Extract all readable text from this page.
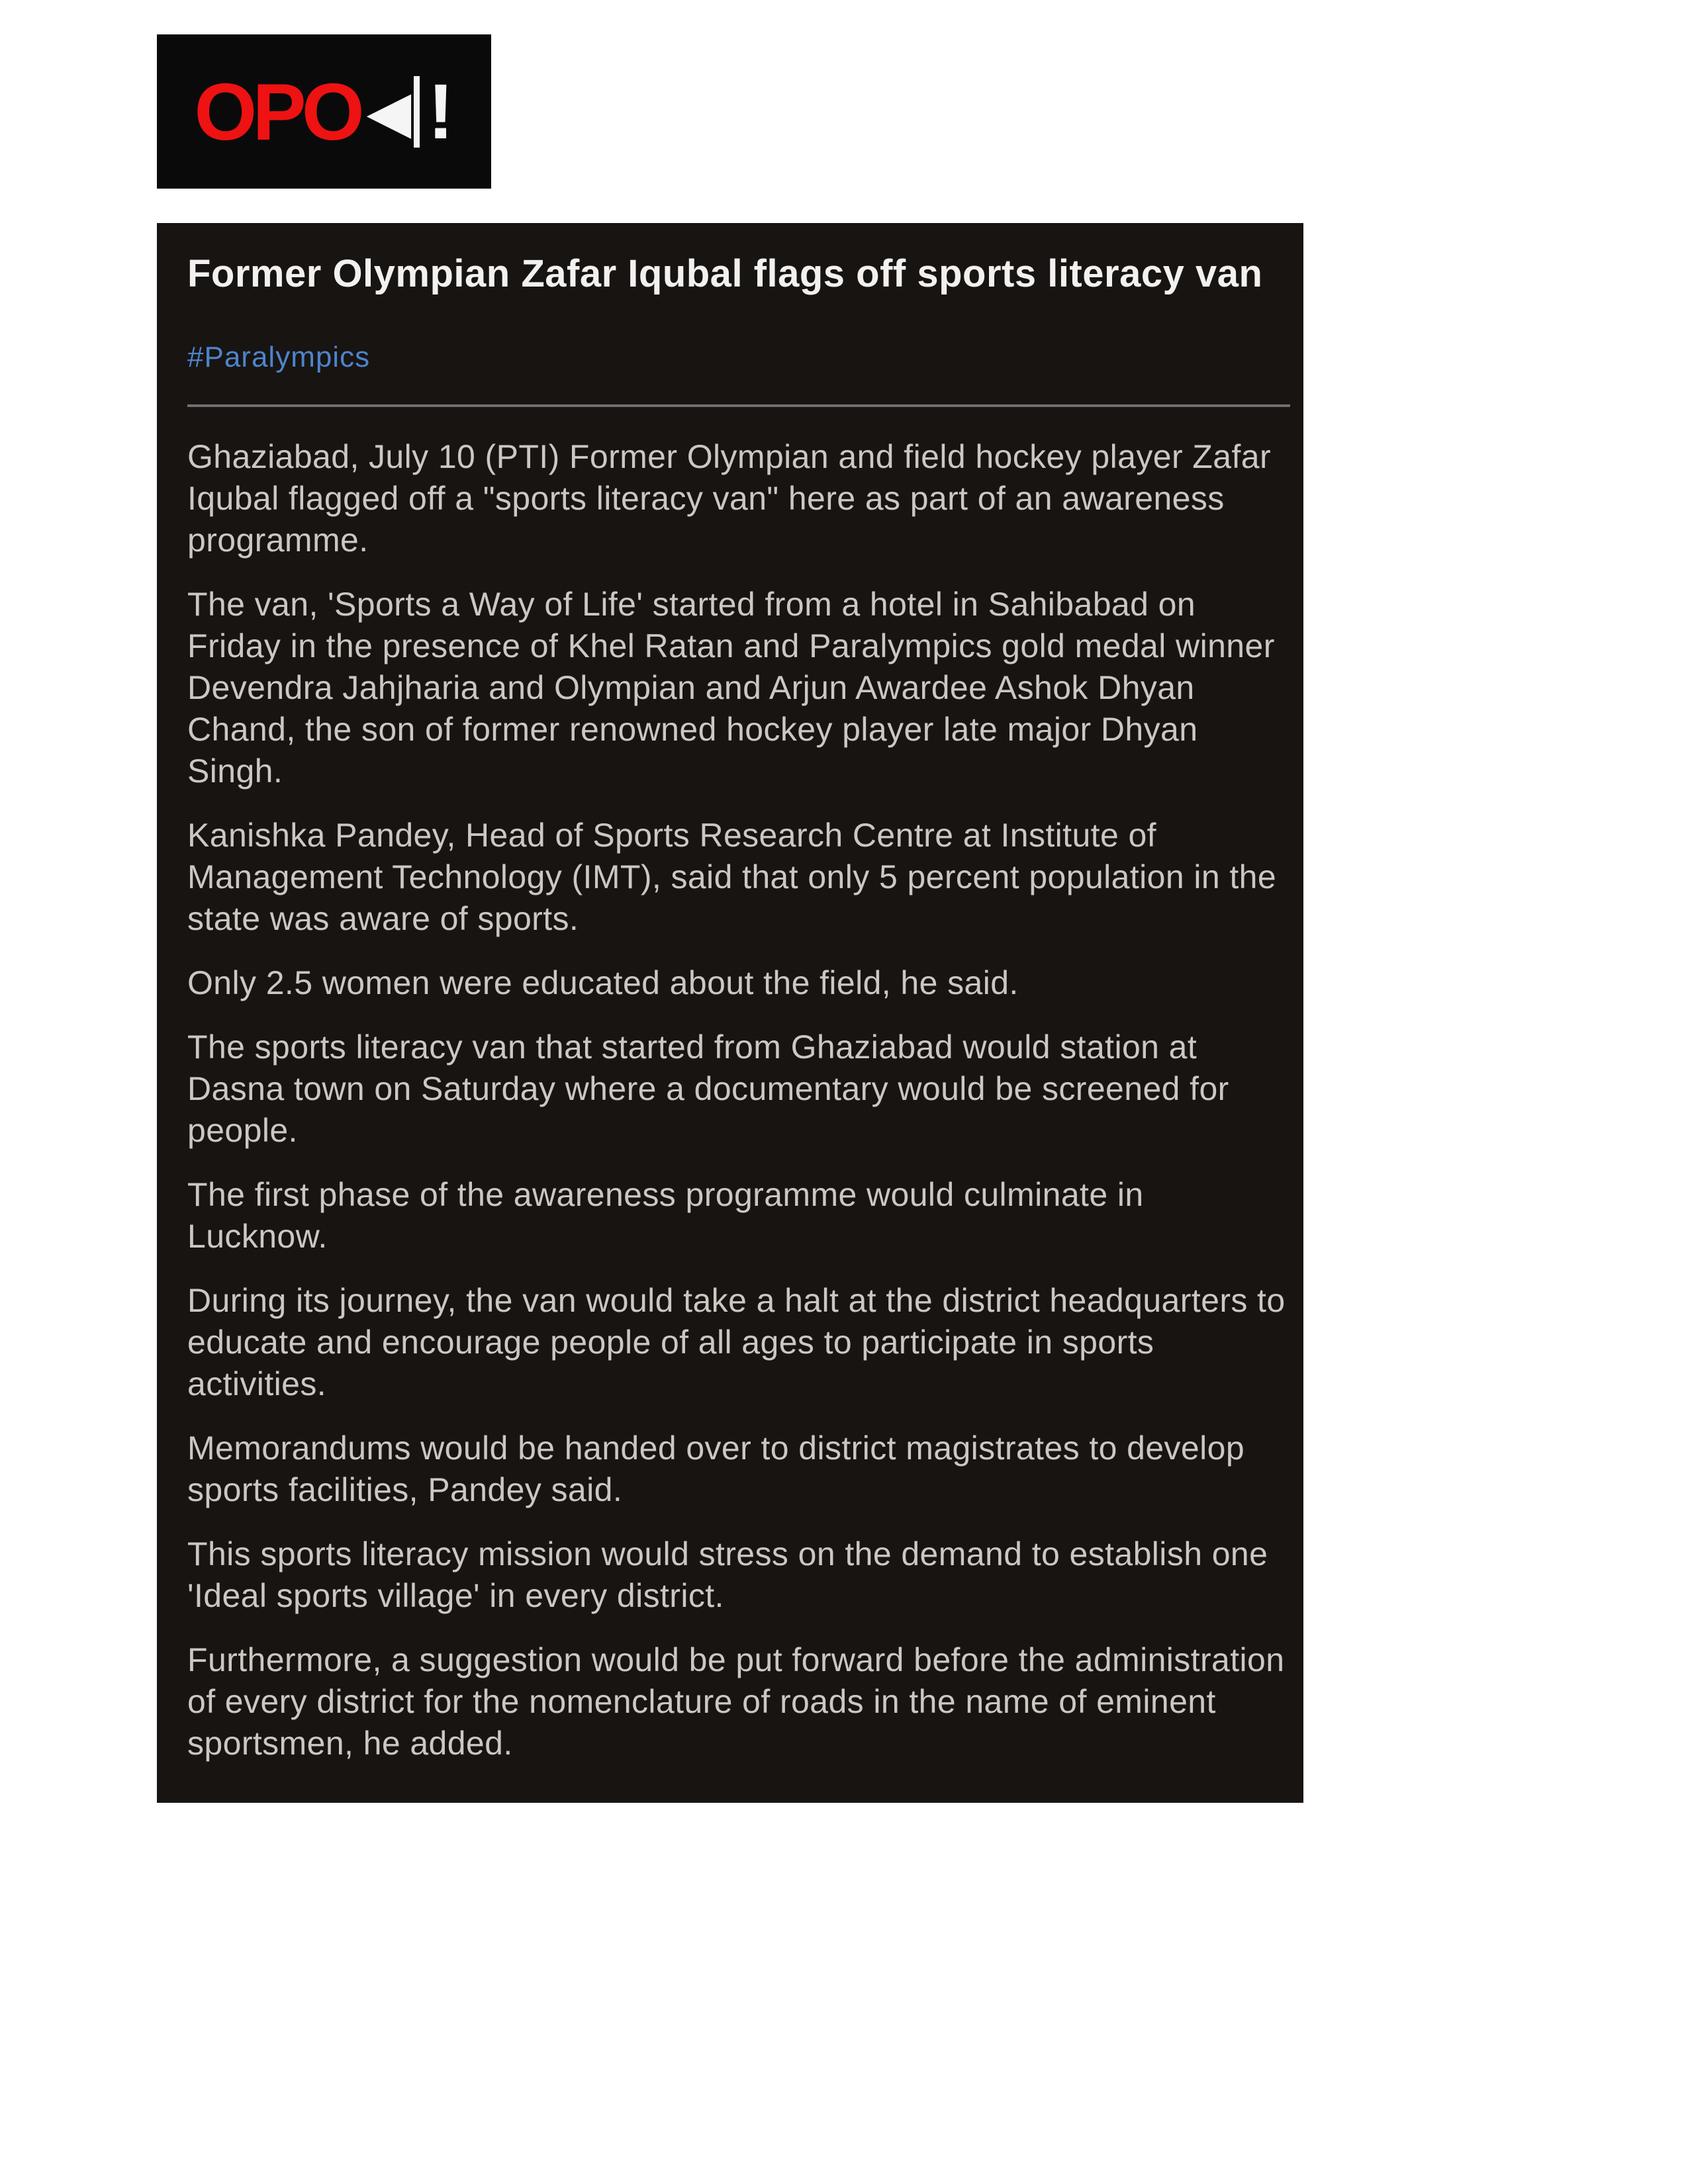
OPO ◀ !
Former Olympian Zafar Iqubal flags off sports literacy van
#Paralympics

Ghaziabad, July 10 (PTI) Former Olympian and field hockey player Zafar Iqubal flagged off a "sports literacy van" here as part of an awareness programme.

The van, 'Sports a Way of Life' started from a hotel in Sahibabad on Friday in the presence of Khel Ratan and Paralympics gold medal winner Devendra Jahjharia and Olympian and Arjun Awardee Ashok Dhyan Chand, the son of former renowned hockey player late major Dhyan Singh.

Kanishka Pandey, Head of Sports Research Centre at Institute of Management Technology (IMT), said that only 5 percent population in the state was aware of sports.

Only 2.5 women were educated about the field, he said.

The sports literacy van that started from Ghaziabad would station at Dasna town on Saturday where a documentary would be screened for people.

The first phase of the awareness programme would culminate in Lucknow.

During its journey, the van would take a halt at the district headquarters to educate and encourage people of all ages to participate in sports activities.

Memorandums would be handed over to district magistrates to develop sports facilities, Pandey said.

This sports literacy mission would stress on the demand to establish one 'Ideal sports village' in every district.

Furthermore, a suggestion would be put forward before the administration of every district for the nomenclature of roads in the name of eminent sportsmen, he added.
